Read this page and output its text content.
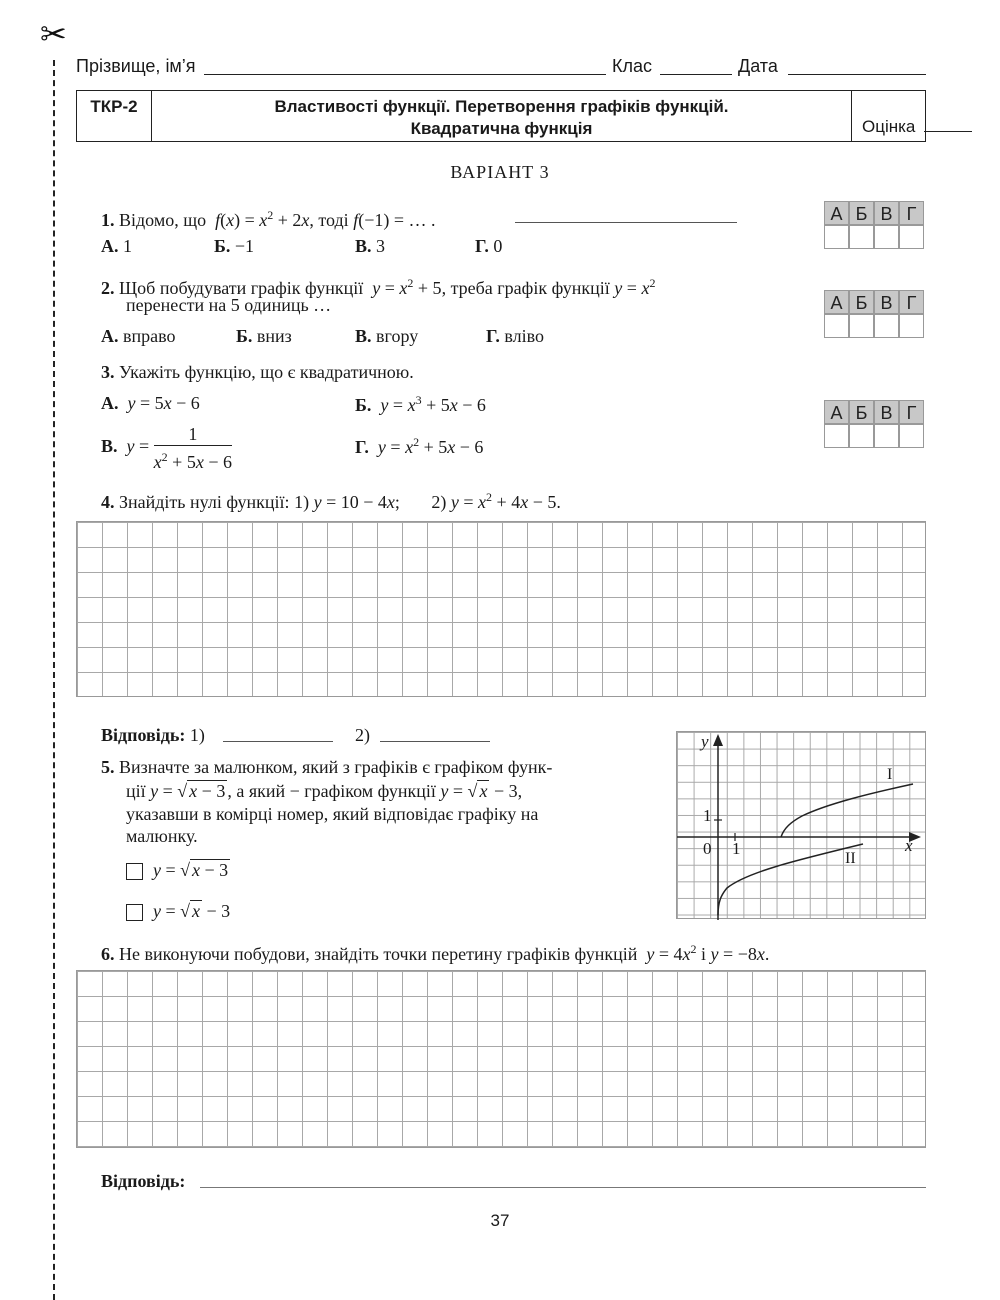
✂
Прізвище, ім’я	Клас	Дата
ТКР-2	Властивості функції. Перетворення графіків функцій.
Квадратична функція	Оцінка
ВАРІАНТ 3
1. Відомо, що  $f(x) = x^2 + 2x$, тоді f(−1) = … .
А. 1	Б. −1	В. 3	Г. 0
А Б В Г
2. Щоб побудувати графік функції  $y = x^2 + 5$, треба графік функції $y = x^2$
перенести на 5 одиниць …
А. вправо	Б. вниз	В. вгору	Г. вліво
А Б В Г
3. Укажіть функцію, що є квадратичною.
А. y = 5x − 6	Б. $y = x^3 + 5x - 6$
В. $y = \frac{1}{x^2 + 5x - 6}$	Г. $y = x^2 + 5x - 6$
А Б В Г
4. Знайдіть нулі функції: 1) y = 10 − 4x;       2) $y = x^2 + 4x - 5$.
Відповідь: 1)	2)
5. Визначте за малюнком, який з графіків є графіком функ-
ції y = √ x − 3 , а який − графіком функції y = √ x − 3,
указавши в комірці номер, який відповідає графіку на
малюнку.
y = √ x − 3
y = √ x − 3
y
x
0 1
1
I
II
6. Не виконуючи побудови, знайдіть точки перетину графіків функцій $y = 4x^2$ і y = −8x.
Відповідь:
37
